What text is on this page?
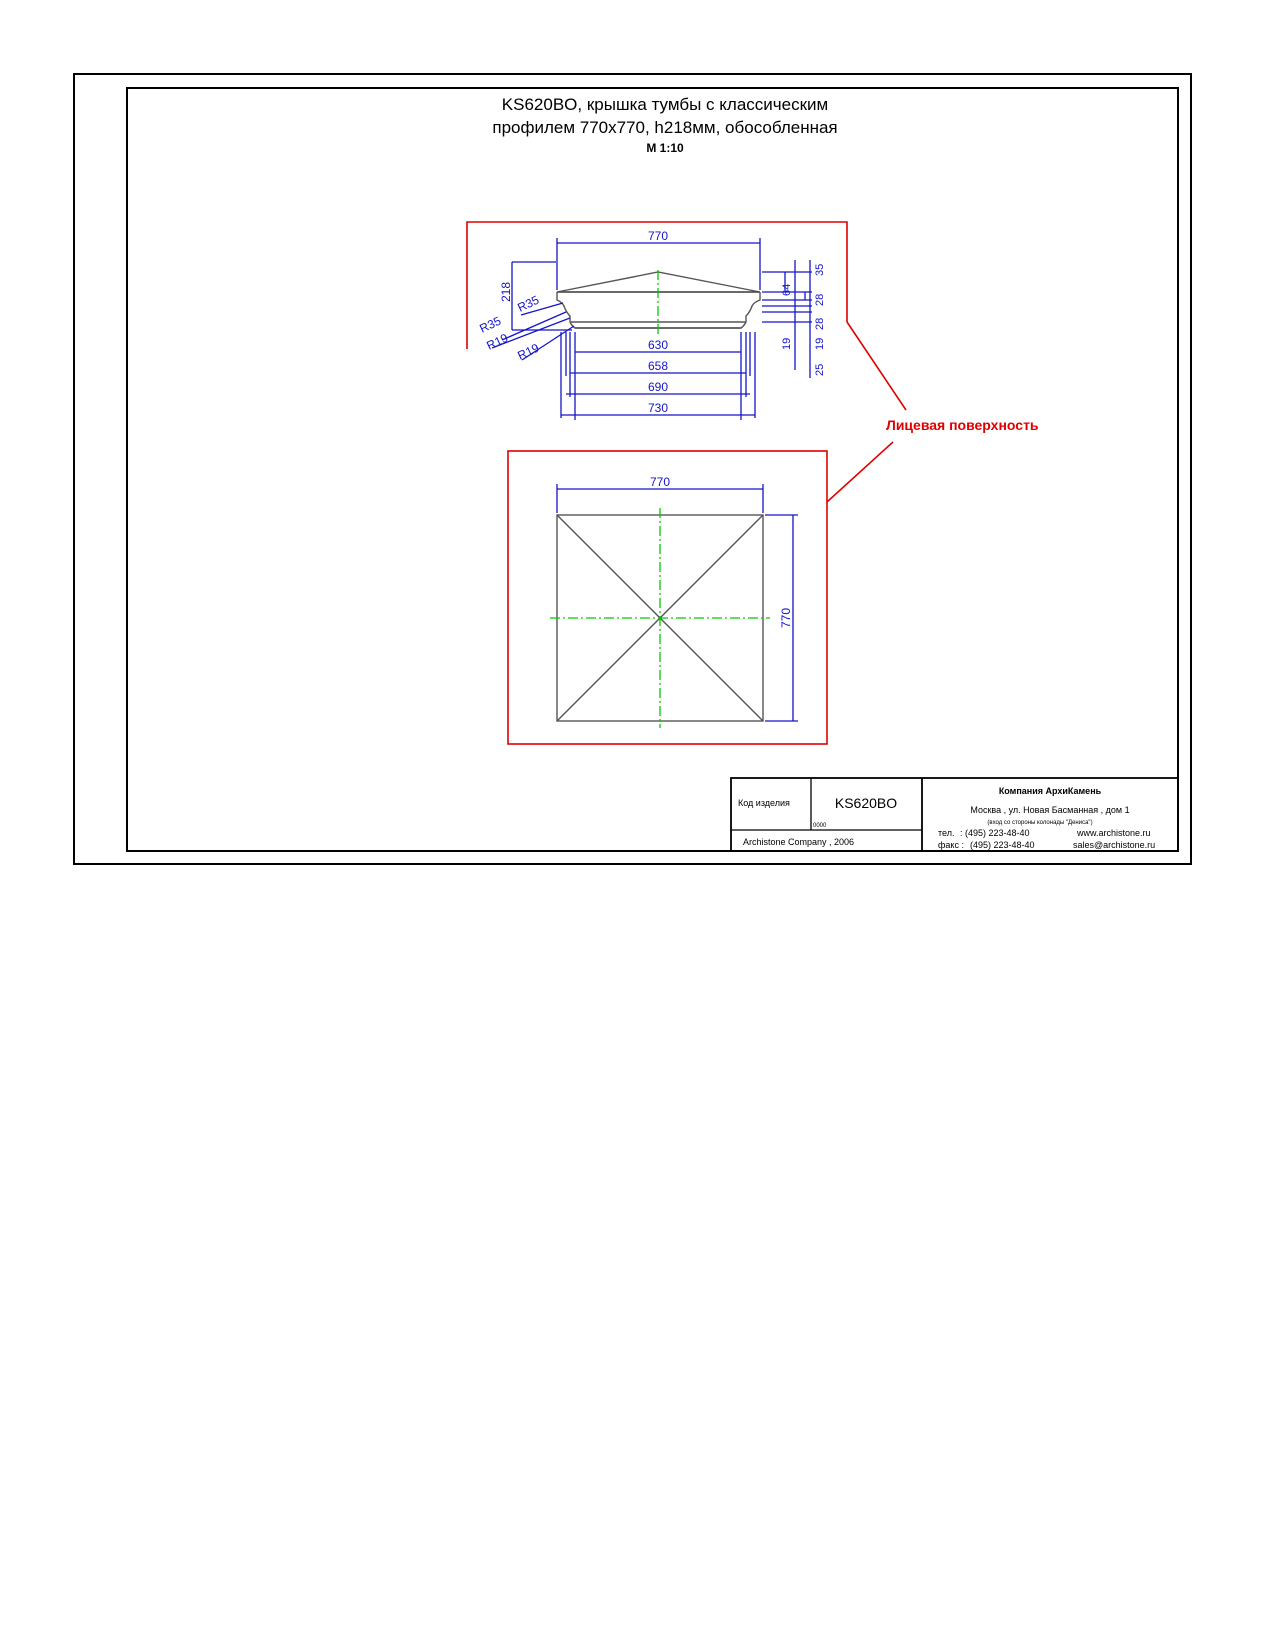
KS620BO, крышка тумбы с классическим
профилем 770х770, h218мм, обособленная
М 1:10
770
218
R35
R35
R19 R19	630
658
690
730
64
35
28
28
19 19
25
Лицевая поверхность
770
770
Код изделия	KS620BO
0000
Archistone Company , 2006
Компания АрхиКамень
Москва , ул. Новая Басманная , дом 1
(вход со стороны колонады "Дениса")
тел. : (495) 223-48-40
факс : (495) 223-48-40
www.archistone.ru
sales@archistone.ru
